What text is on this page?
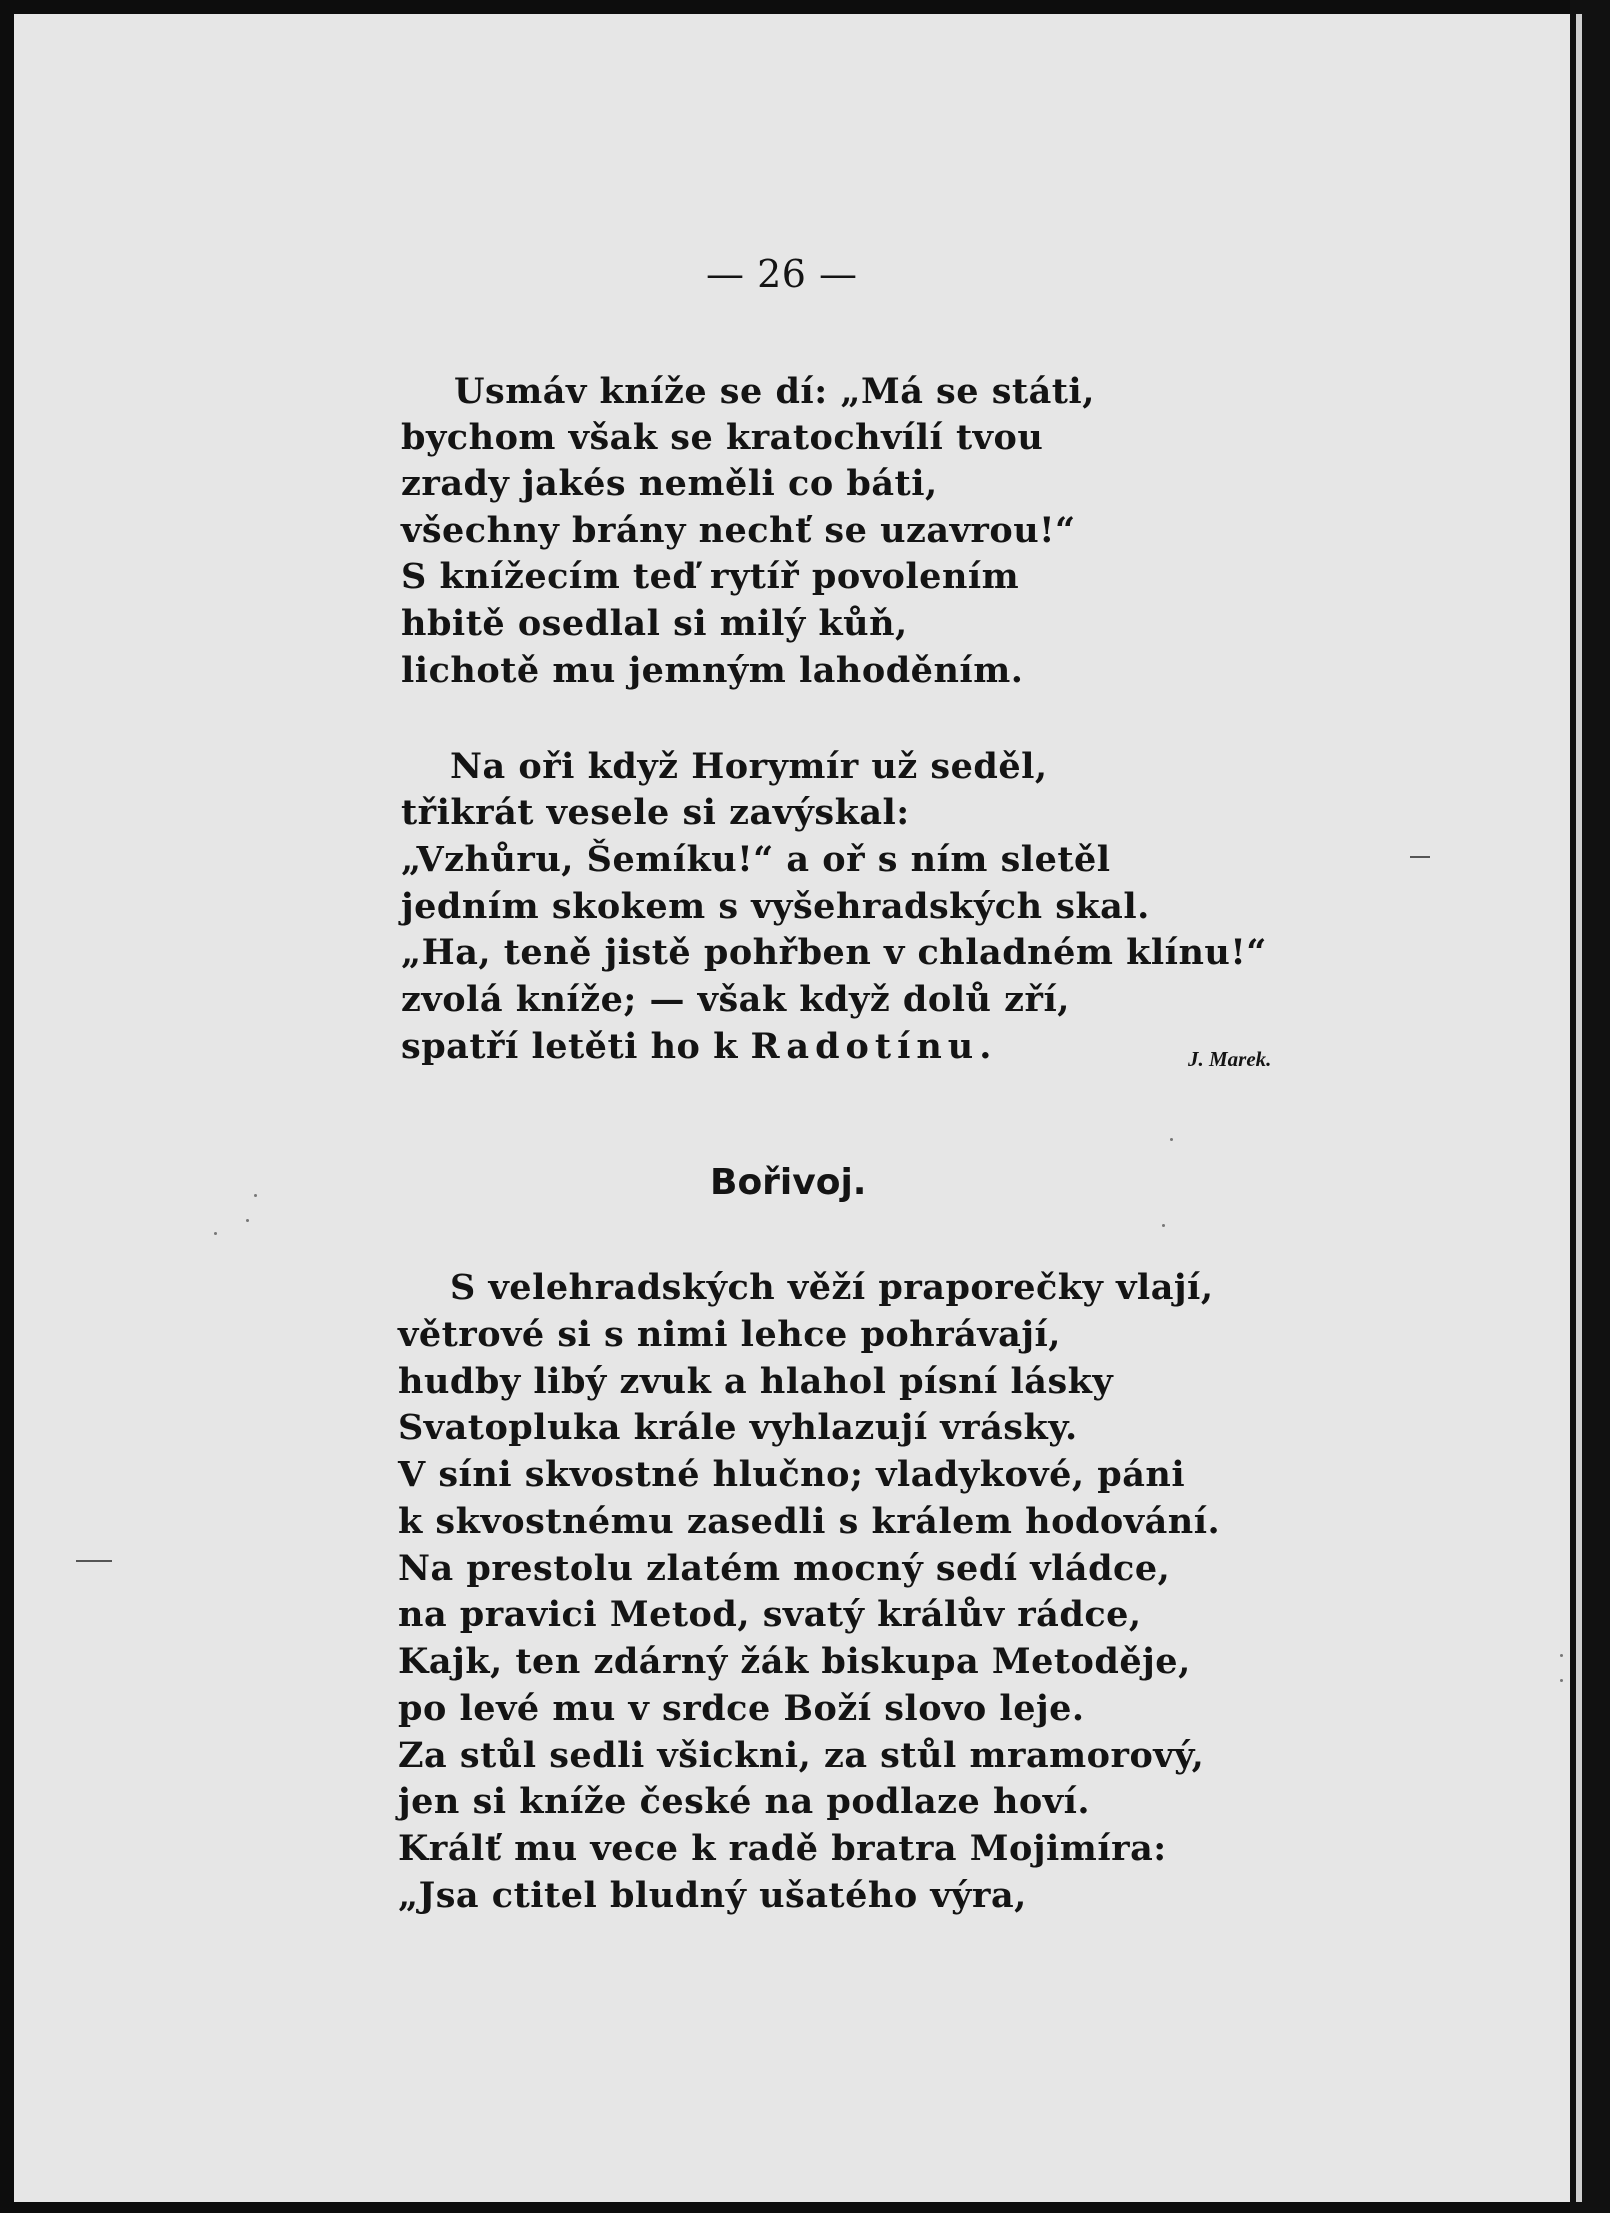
— 26 —
Usmáv kníže se dí: „Má se státi,
bychom však se kratochvílí tvou
zrady jakés neměli co báti,
všechny brány nechť se uzavrou!“
S knížecím teď rytíř povolením
hbitě osedlal si milý kůň,
lichotě mu jemným lahoděním.
Na oři když Horymír už seděl,
třikrát vesele si zavýskal:
„Vzhůru, Šemíku!“ a oř s ním sletěl
jedním skokem s vyšehradských skal.
„Ha, teně jistě pohřben v chladném klínu!“
zvolá kníže; — však když dolů zří,
spatří letěti ho k Radotínu.	J. Marek.
Bořivoj.
S velehradských věží praporečky vlají,
větrové si s nimi lehce pohrávají,
hudby libý zvuk a hlahol písní lásky
Svatopluka krále vyhlazují vrásky.
V síni skvostné hlučno; vladykové, páni
k skvostnému zasedli s králem hodování.
Na prestolu zlatém mocný sedí vládce,
na pravici Metod, svatý králův rádce,
Kajk, ten zdárný žák biskupa Metoděje,
po levé mu v srdce Boží slovo leje.
Za stůl sedli všickni, za stůl mramorový,
jen si kníže české na podlaze hoví.
Králť mu vece k radě bratra Mojimíra:
„Jsa ctitel bludný ušatého výra,
